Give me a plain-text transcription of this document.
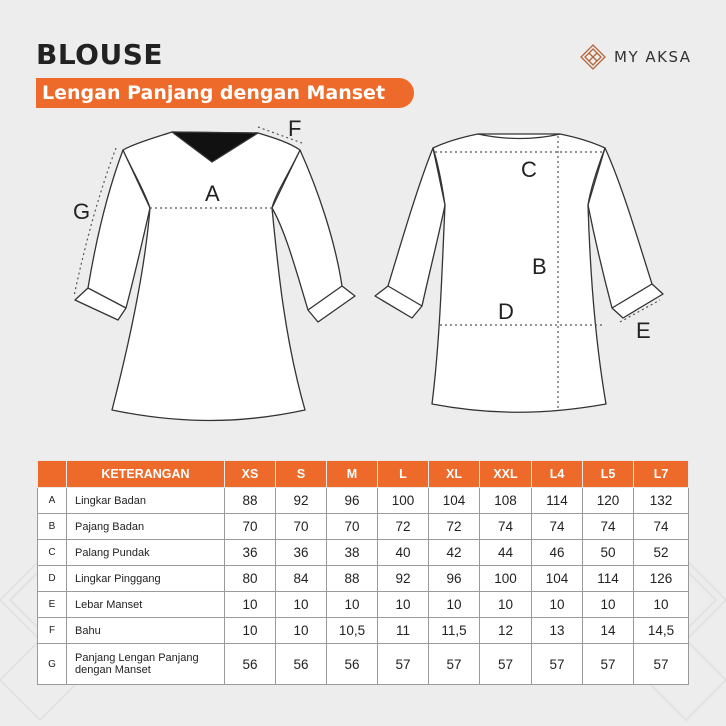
BLOUSE
Lengan Panjang dengan Manset
MY AKSA
A
F
G
C
B
D
E
	KETERANGAN	XS	S	M	L	XL	XXL	L4	L5	L7
A	Lingkar Badan	88	92	96	100	104	108	114	120	132
B	Pajang Badan	70	70	70	72	72	74	74	74	74
C	Palang Pundak	36	36	38	40	42	44	46	50	52
D	Lingkar Pinggang	80	84	88	92	96	100	104	114	126
E	Lebar Manset	10	10	10	10	10	10	10	10	10
F	Bahu	10	10	10,5	11	11,5	12	13	14	14,5
G	Panjang Lengan Panjang dengan Manset	56	56	56	57	57	57	57	57	57
